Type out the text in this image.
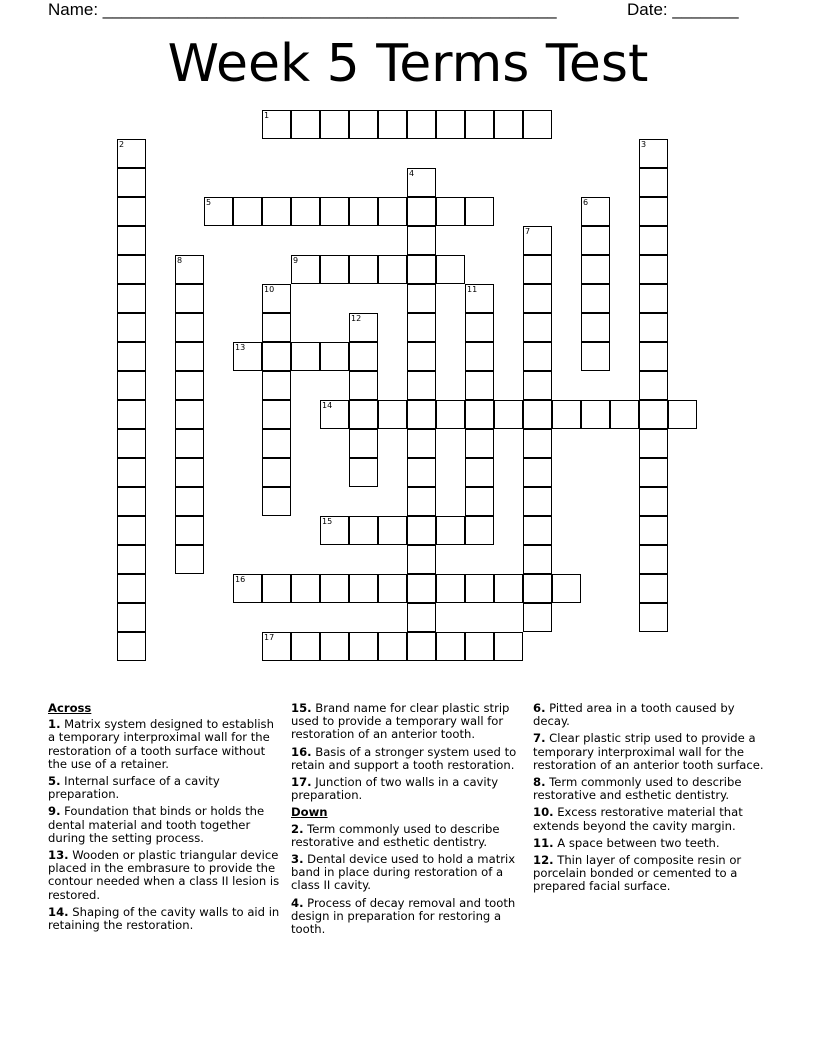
Name: ________________________________________________	Date: _______
Week 5 Terms Test
1
2	3
4
5	6
7
8	9
10	11
12
13
14
15
16
17
Across
1. Matrix system designed to establish a temporary interproximal wall for the restoration of a tooth surface without the use of a retainer.
5. Internal surface of a cavity preparation.
9. Foundation that binds or holds the dental material and tooth together during the setting process.
13. Wooden or plastic triangular device placed in the embrasure to provide the contour needed when a class II lesion is restored.
14. Shaping of the cavity walls to aid in retaining the restoration.
15. Brand name for clear plastic strip used to provide a temporary wall for restoration of an anterior tooth.
16. Basis of a stronger system used to retain and support a tooth restoration.
17. Junction of two walls in a cavity preparation.
Down
2. Term commonly used to describe restorative and esthetic dentistry.
3. Dental device used to hold a matrix band in place during restoration of a class II cavity.
4. Process of decay removal and tooth design in preparation for restoring a tooth.
6. Pitted area in a tooth caused by decay.
7. Clear plastic strip used to provide a temporary interproximal wall for the restoration of an anterior tooth surface.
8. Term commonly used to describe restorative and esthetic dentistry.
10. Excess restorative material that extends beyond the cavity margin.
11. A space between two teeth.
12. Thin layer of composite resin or porcelain bonded or cemented to a prepared facial surface.
